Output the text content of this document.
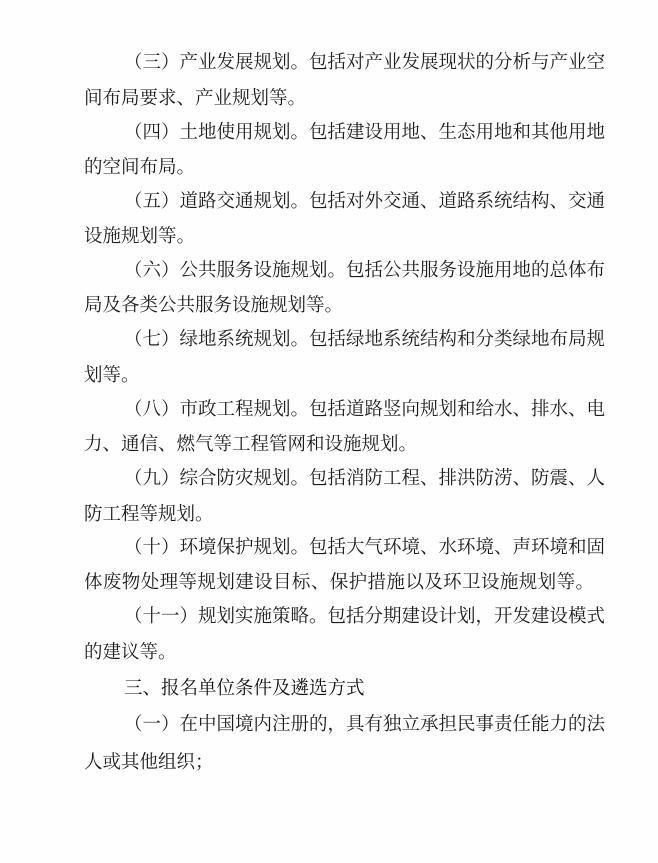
（三）产业发展规划。包括对产业发展现状的分析与产业空
间布局要求、产业规划等。
（四）土地使用规划。包括建设用地、生态用地和其他用地
的空间布局。
（五）道路交通规划。包括对外交通、道路系统结构、交通
设施规划等。
（六）公共服务设施规划。包括公共服务设施用地的总体布
局及各类公共服务设施规划等。
（七）绿地系统规划。包括绿地系统结构和分类绿地布局规
划等。
（八）市政工程规划。包括道路竖向规划和给水、排水、电
力、通信、燃气等工程管网和设施规划。
（九）综合防灾规划。包括消防工程、排洪防涝、防震、人
防工程等规划。
（十）环境保护规划。包括大气环境、水环境、声环境和固
体废物处理等规划建设目标、保护措施以及环卫设施规划等。
（十一）规划实施策略。包括分期建设计划，开发建设模式
的建议等。
三、报名单位条件及遴选方式
（一）在中国境内注册的，具有独立承担民事责任能力的法
人或其他组织；
